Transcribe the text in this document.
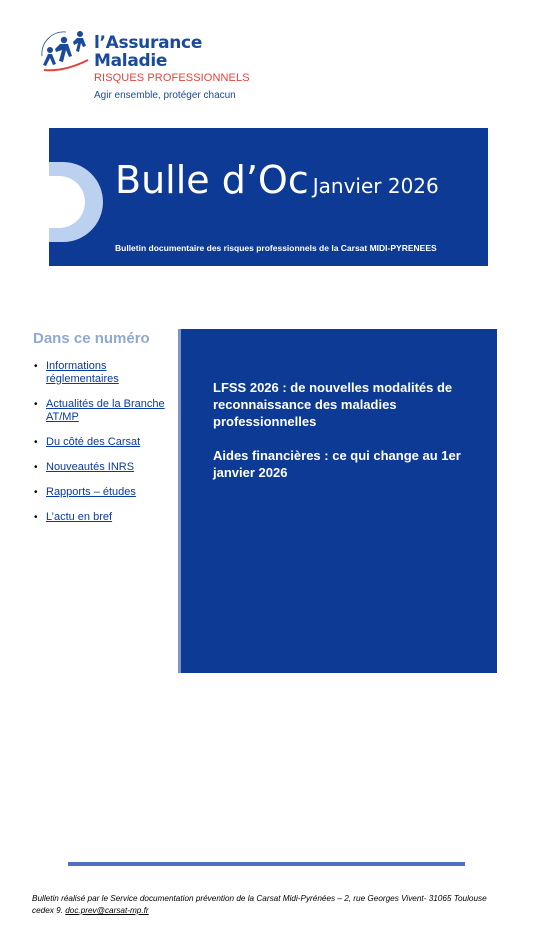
l’Assurance
Maladie
RISQUES PROFESSIONNELS
Agir ensemble, protéger chacun
Bulle d’Oc Janvier 2026
Bulletin documentaire des risques professionnels de la Carsat MIDI-PYRENEES
Dans ce numéro
• Informations réglementaires
• Actualités de la Branche AT/MP
• Du côté des Carsat
• Nouveautés INRS
• Rapports – études
• L’actu en bref
LFSS 2026 : de nouvelles modalités de reconnaissance des maladies professionnelles
Aides financières : ce qui change au 1er janvier 2026
Bulletin réalisé par le Service documentation prévention de la Carsat Midi-Pyrénées – 2, rue Georges Vivent- 31065 Toulouse cedex 9. doc.prev@carsat-mp.fr
